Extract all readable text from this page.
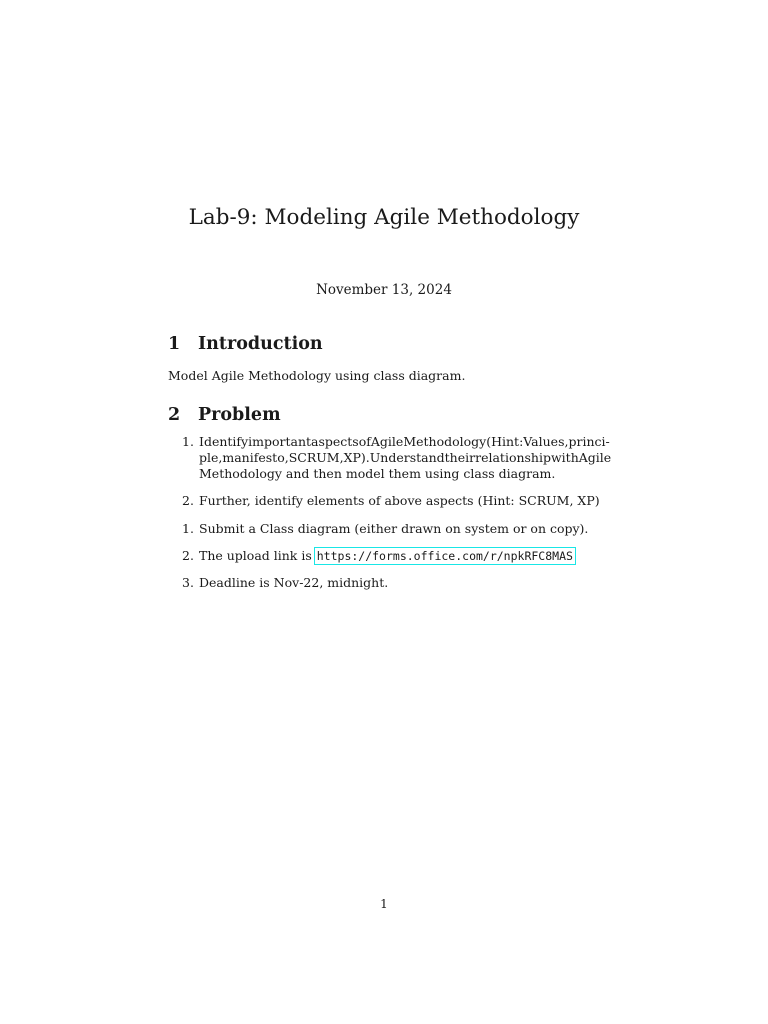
Lab-9: Modeling Agile Methodology
November 13, 2024
1 Introduction

Model Agile Methodology using class diagram.

2 Problem
1. Identify important aspects of Agile Methodology( Hint: Values, princi-
ple, manifesto, SCRUM, XP). Understand their relationship with Agile
Methodology and then model them using class diagram.
2. Further, identify elements of above aspects (Hint: SCRUM, XP)
1. Submit a Class diagram (either drawn on system or on copy).
2. The upload link is https://forms.office.com/r/npkRFC8MAS
3. Deadline is Nov-22, midnight.
1
